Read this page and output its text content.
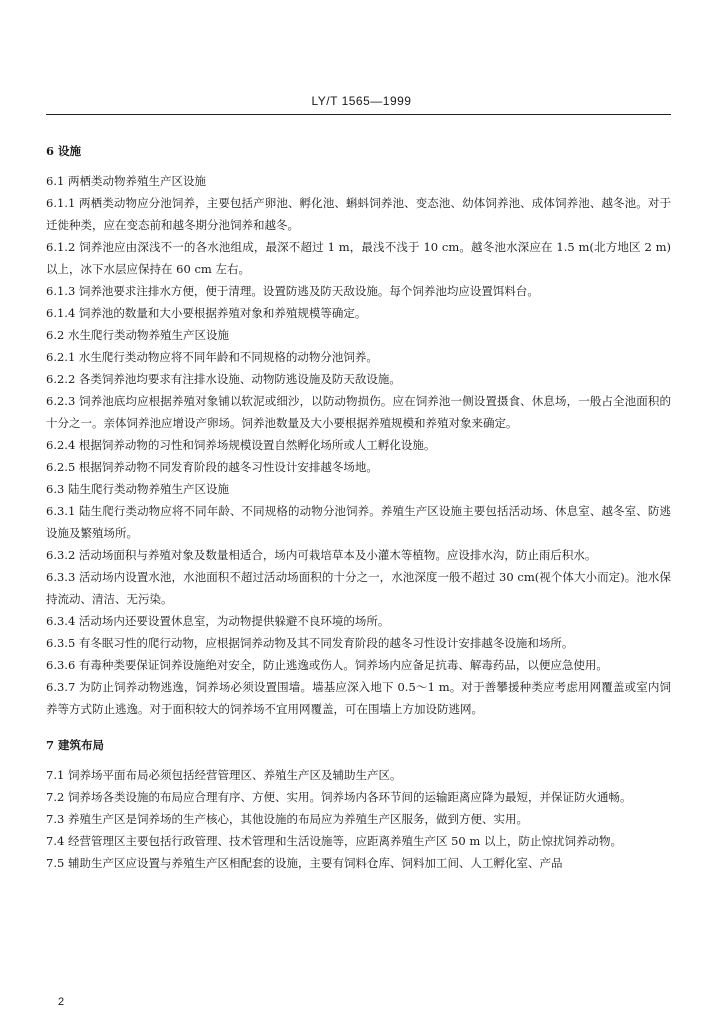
LY/T 1565—1999

6 设施

6.1 两栖类动物养殖生产区设施

6.1.1 两栖类动物应分池饲养，主要包括产卵池、孵化池、蝌蚪饲养池、变态池、幼体饲养池、成体饲养池、越冬池。对于迁徙种类，应在变态前和越冬期分池饲养和越冬。

6.1.2 饲养池应由深浅不一的各水池组成，最深不超过 1 m，最浅不浅于 10 cm。越冬池水深应在 1.5 m(北方地区 2 m)以上，冰下水层应保持在 60 cm 左右。

6.1.3 饲养池要求注排水方便，便于清理。设置防逃及防天敌设施。每个饲养池均应设置饵料台。

6.1.4 饲养池的数量和大小要根据养殖对象和养殖规模等确定。

6.2 水生爬行类动物养殖生产区设施

6.2.1 水生爬行类动物应将不同年龄和不同规格的动物分池饲养。

6.2.2 各类饲养池均要求有注排水设施、动物防逃设施及防天敌设施。

6.2.3 饲养池底均应根据养殖对象铺以软泥或细沙，以防动物损伤。应在饲养池一侧设置摄食、休息场，一般占全池面积的十分之一。亲体饲养池应增设产卵场。饲养池数量及大小要根据养殖规模和养殖对象来确定。

6.2.4 根据饲养动物的习性和饲养场规模设置自然孵化场所或人工孵化设施。

6.2.5 根据饲养动物不同发育阶段的越冬习性设计安排越冬场地。

6.3 陆生爬行类动物养殖生产区设施

6.3.1 陆生爬行类动物应将不同年龄、不同规格的动物分池饲养。养殖生产区设施主要包括活动场、休息室、越冬室、防逃设施及繁殖场所。

6.3.2 活动场面积与养殖对象及数量相适合，场内可栽培草本及小灌木等植物。应设排水沟，防止雨后积水。

6.3.3 活动场内设置水池，水池面积不超过活动场面积的十分之一，水池深度一般不超过 30 cm(视个体大小而定)。池水保持流动、清洁、无污染。

6.3.4 活动场内还要设置休息室，为动物提供躲避不良环境的场所。

6.3.5 有冬眠习性的爬行动物，应根据饲养动物及其不同发育阶段的越冬习性设计安排越冬设施和场所。

6.3.6 有毒种类要保证饲养设施绝对安全，防止逃逸或伤人。饲养场内应备足抗毒、解毒药品，以便应急使用。

6.3.7 为防止饲养动物逃逸，饲养场必须设置围墙。墙基应深入地下 0.5～1 m。对于善攀援种类应考虑用网覆盖或室内饲养等方式防止逃逸。对于面积较大的饲养场不宜用网覆盖，可在围墙上方加设防逃网。

7 建筑布局

7.1 饲养场平面布局必须包括经营管理区、养殖生产区及辅助生产区。

7.2 饲养场各类设施的布局应合理有序、方便、实用。饲养场内各环节间的运输距离应降为最短，并保证防火通畅。

7.3 养殖生产区是饲养场的生产核心，其他设施的布局应为养殖生产区服务，做到方便、实用。

7.4 经营管理区主要包括行政管理、技术管理和生活设施等，应距离养殖生产区 50 m 以上，防止惊扰饲养动物。

7.5 辅助生产区应设置与养殖生产区相配套的设施，主要有饲料仓库、饲料加工间、人工孵化室、产品

2
